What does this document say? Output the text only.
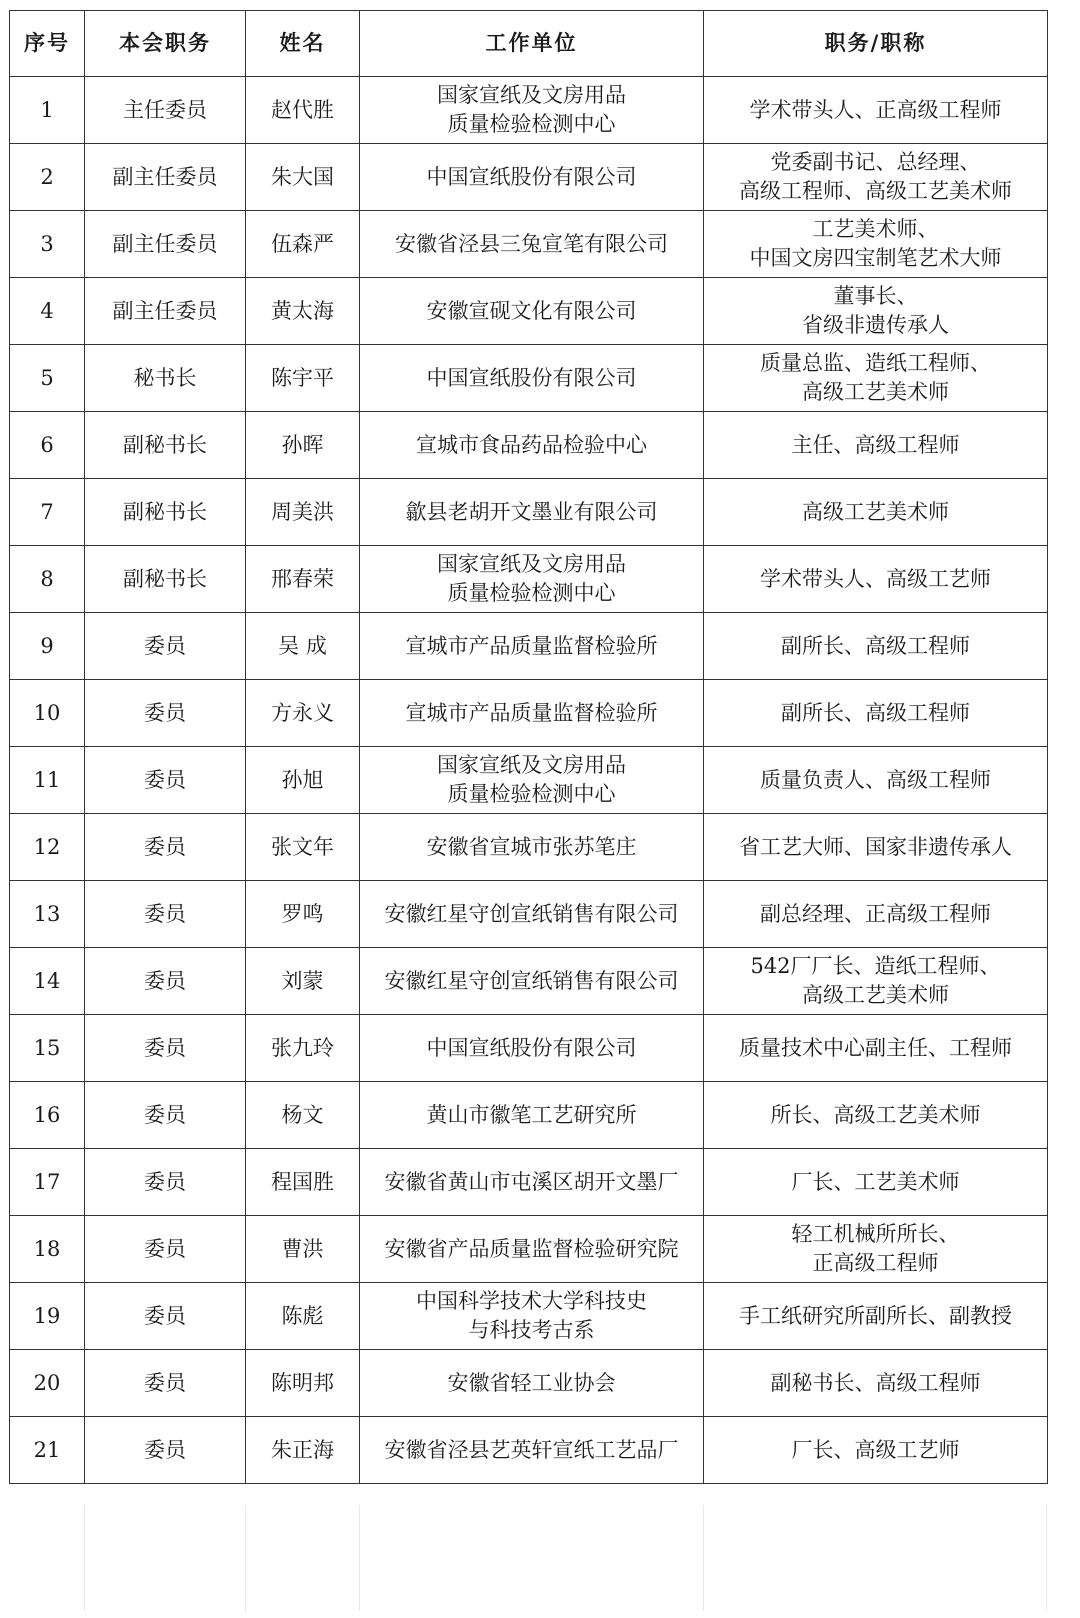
序号	本会职务	姓名	工作单位	职务/职称
1	主任委员	赵代胜	国家宣纸及文房用品
质量检验检测中心	学术带头人、正高级工程师

2	副主任委员	朱大国	中国宣纸股份有限公司	党委副书记、总经理、
高级工程师、高级工艺美术师

3	副主任委员	伍森严	安徽省泾县三兔宣笔有限公司	工艺美术师、
中国文房四宝制笔艺术大师

4	副主任委员	黄太海	安徽宣砚文化有限公司	董事长、
省级非遗传承人

5	秘书长	陈宇平	中国宣纸股份有限公司	质量总监、造纸工程师、
高级工艺美术师

6	副秘书长	孙晖	宣城市食品药品检验中心	主任、高级工程师

7	副秘书长	周美洪	歙县老胡开文墨业有限公司	高级工艺美术师

8	副秘书长	邢春荣	国家宣纸及文房用品
质量检验检测中心	学术带头人、高级工艺师

9	委员	吴 成	宣城市产品质量监督检验所	副所长、高级工程师

10	委员	方永义	宣城市产品质量监督检验所	副所长、高级工程师

11	委员	孙旭	国家宣纸及文房用品
质量检验检测中心	质量负责人、高级工程师

12	委员	张文年	安徽省宣城市张苏笔庄	省工艺大师、国家非遗传承人

13	委员	罗鸣	安徽红星守创宣纸销售有限公司	副总经理、正高级工程师

14	委员	刘蒙	安徽红星守创宣纸销售有限公司	542厂厂长、造纸工程师、
高级工艺美术师

15	委员	张九玲	中国宣纸股份有限公司	质量技术中心副主任、工程师

16	委员	杨文	黄山市徽笔工艺研究所	所长、高级工艺美术师

17	委员	程国胜	安徽省黄山市屯溪区胡开文墨厂	厂长、工艺美术师

18	委员	曹洪	安徽省产品质量监督检验研究院	轻工机械所所长、
正高级工程师

19	委员	陈彪	中国科学技术大学科技史
与科技考古系	手工纸研究所副所长、副教授

20	委员	陈明邦	安徽省轻工业协会	副秘书长、高级工程师

21	委员	朱正海	安徽省泾县艺英轩宣纸工艺品厂	厂长、高级工艺师
